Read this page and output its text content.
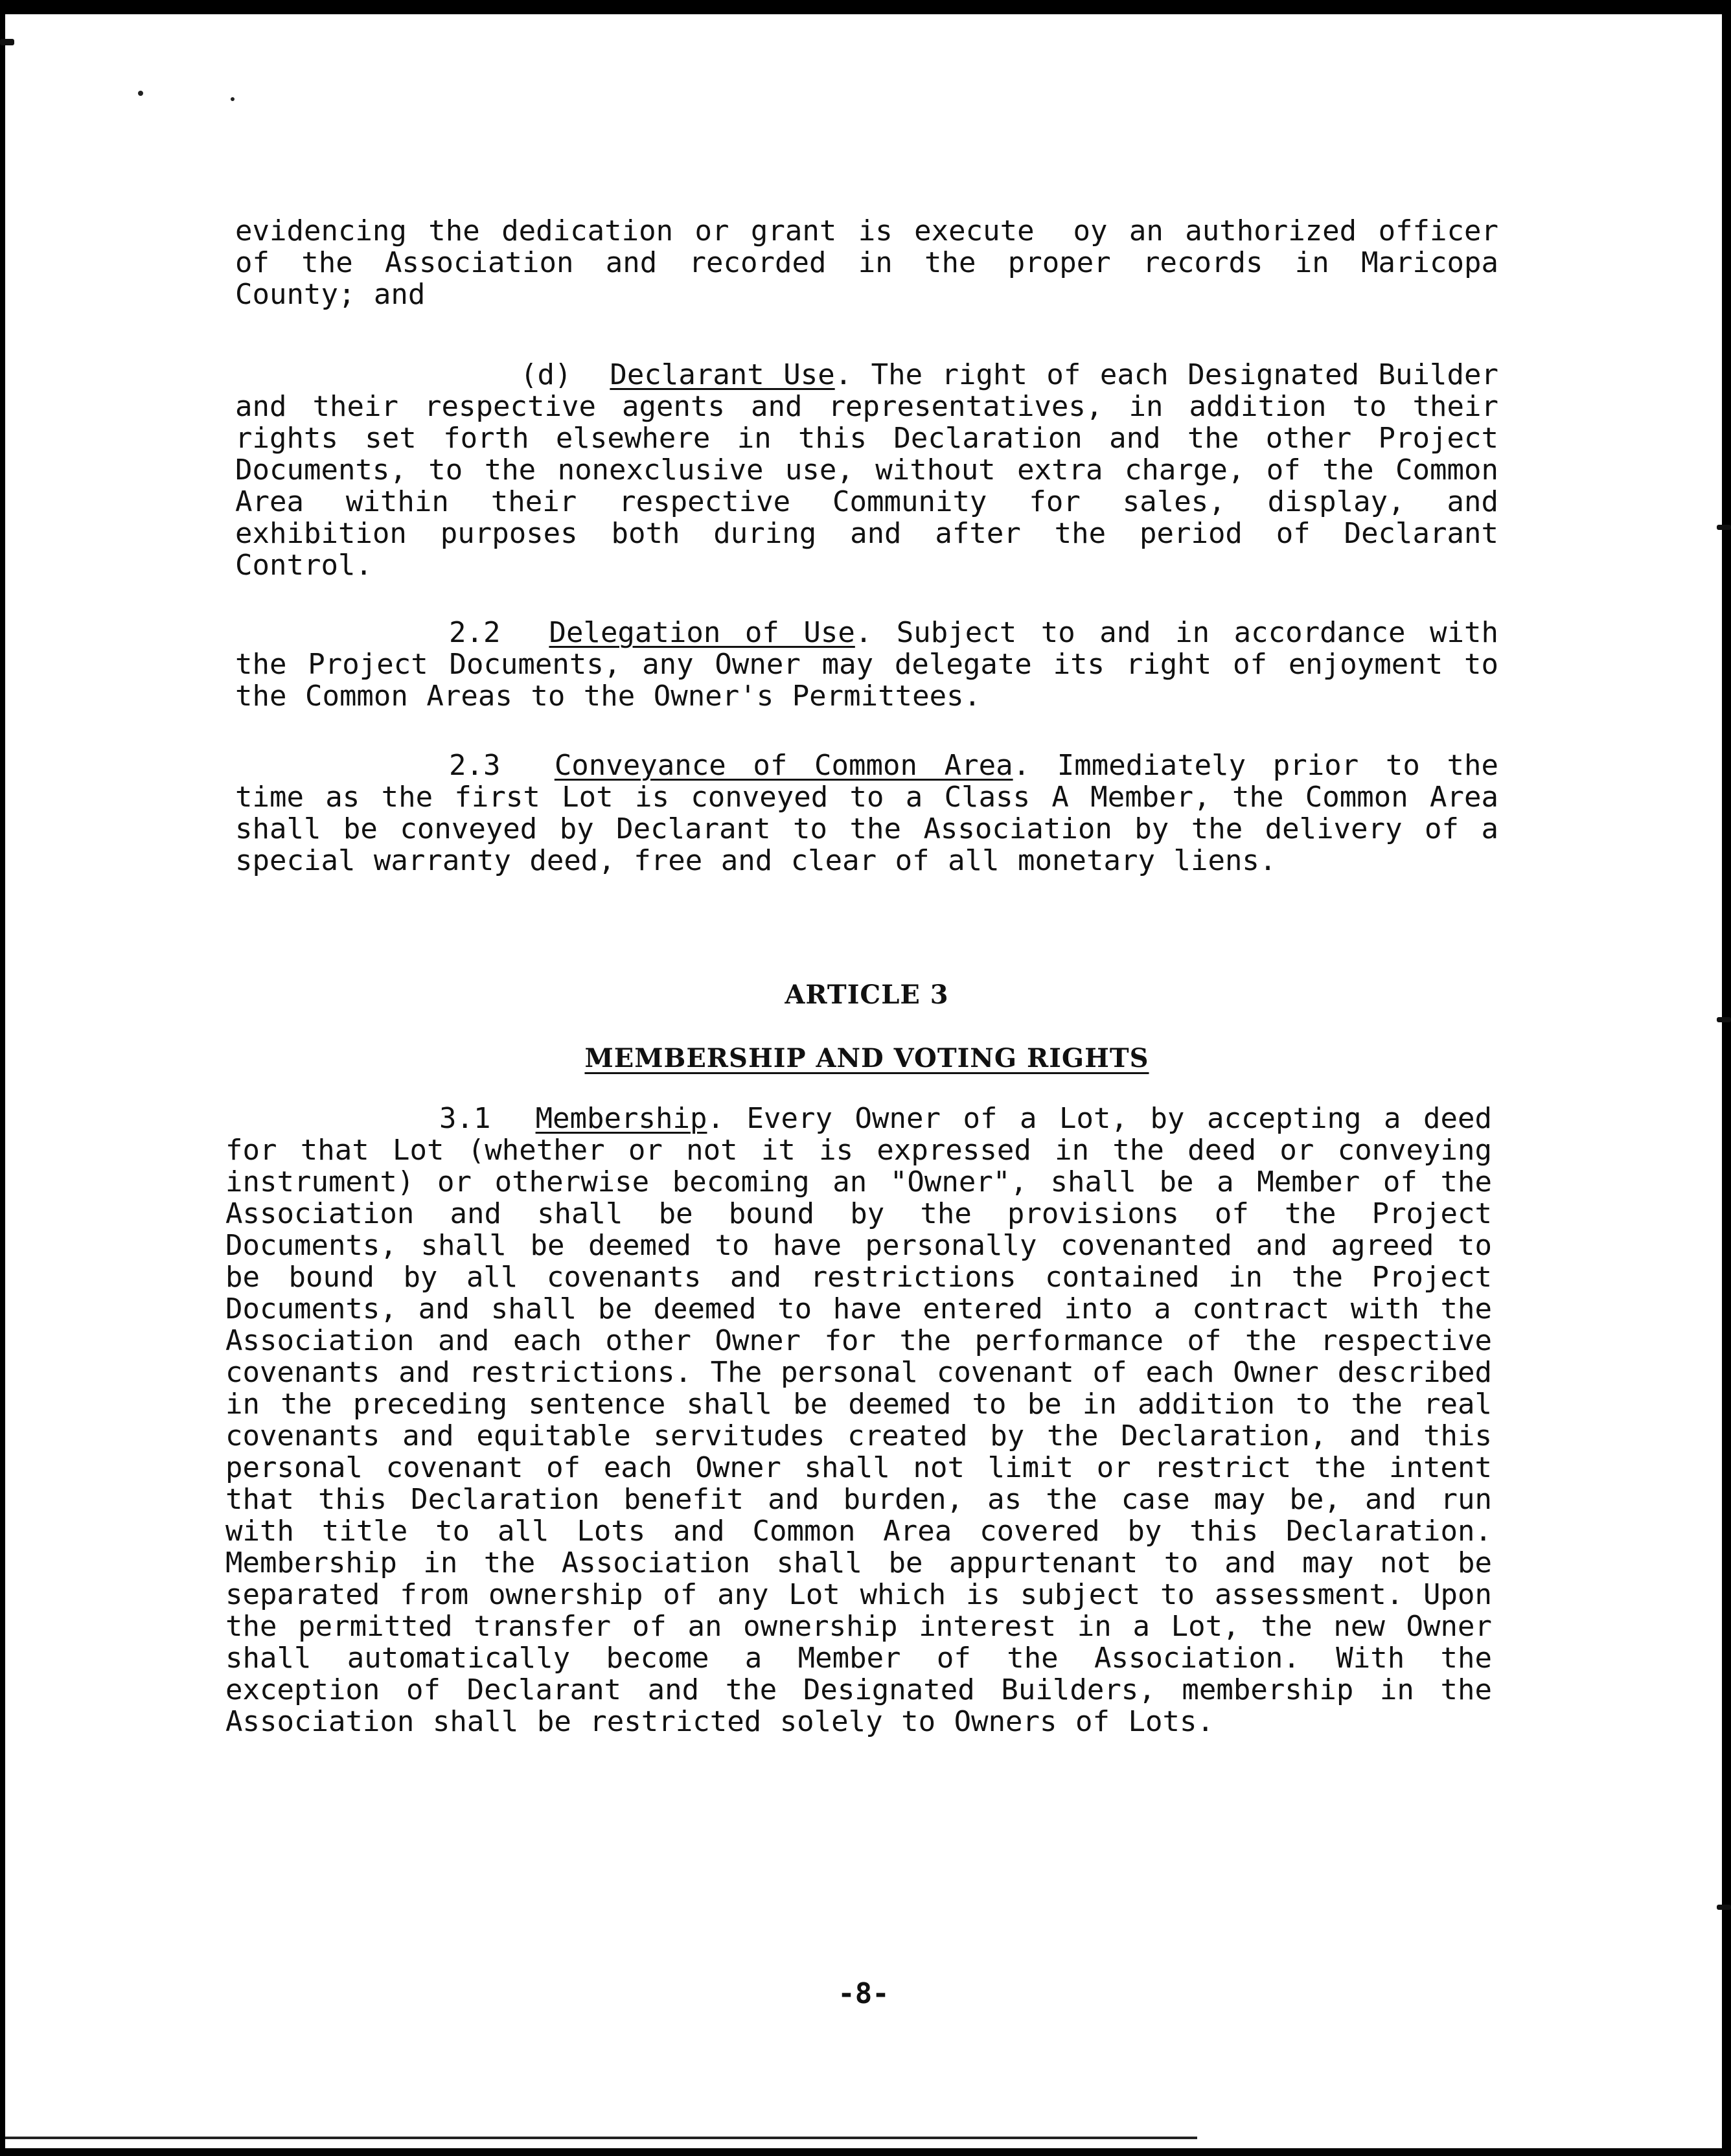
evidencing the dedication or grant is execute  oy an authorized officer of the Association and recorded in the proper records in Maricopa County; and

(d) Declarant Use. The right of each Designated Builder and their respective agents and representatives, in addition to their rights set forth elsewhere in this Declaration and the other Project Documents, to the nonexclusive use, without extra charge, of the Common Area within their respective Community for sales, display, and exhibition purposes both during and after the period of Declarant Control.

2.2 Delegation of Use. Subject to and in accordance with the Project Documents, any Owner may delegate its right of enjoyment to the Common Areas to the Owner's Permittees.

2.3 Conveyance of Common Area. Immediately prior to the time as the first Lot is conveyed to a Class A Member, the Common Area shall be conveyed by Declarant to the Association by the delivery of a special warranty deed, free and clear of all monetary liens.

ARTICLE 3
MEMBERSHIP AND VOTING RIGHTS

3.1 Membership. Every Owner of a Lot, by accepting a deed for that Lot (whether or not it is expressed in the deed or conveying instrument) or otherwise becoming an "Owner", shall be a Member of the Association and shall be bound by the provisions of the Project Documents, shall be deemed to have personally covenanted and agreed to be bound by all covenants and restrictions contained in the Project Documents, and shall be deemed to have entered into a contract with the Association and each other Owner for the performance of the respective covenants and restrictions. The personal covenant of each Owner described in the preceding sentence shall be deemed to be in addition to the real covenants and equitable servitudes created by the Declaration, and this personal covenant of each Owner shall not limit or restrict the intent that this Declaration benefit and burden, as the case may be, and run with title to all Lots and Common Area covered by this Declaration. Membership in the Association shall be appurtenant to and may not be separated from ownership of any Lot which is subject to assessment. Upon the permitted transfer of an ownership interest in a Lot, the new Owner shall automatically become a Member of the Association. With the exception of Declarant and the Designated Builders, membership in the Association shall be restricted solely to Owners of Lots.

-8-
